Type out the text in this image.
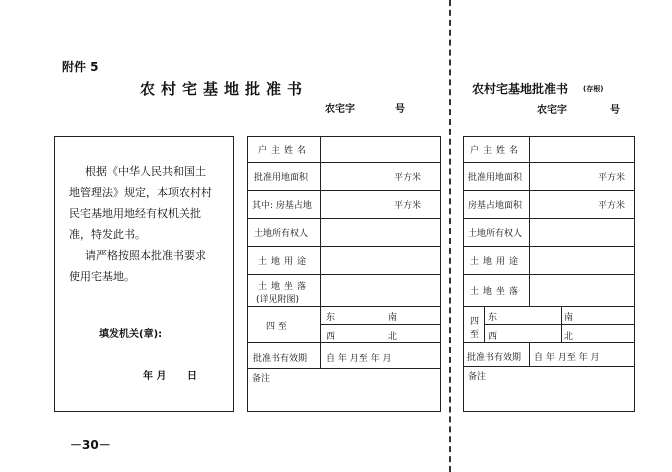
附件 5
农村宅基地批准书
农宅字	号
农村宅基地批准书 (存根)
农宅字	号
根据《中华人民共和国土
地管理法》规定，本项农村村
民宅基地用地经有权机关批
准，特发此书。
请严格按照本批准书要求
使用宅基地。
填发机关(章):
年 月 日
户主姓名
批准用地面积	平方米
其中: 房基占地	平方米
土地所有权人
土地用途
土地坐落
(详见附图)
四 至
东	南
西	北
批准书有效期 自 年 月至 年 月
备注
户主姓名
批准用地面积	平方米
房基占地面积	平方米
土地所有权人
土地用途
土地坐落
四
至
东	南
西	北
批准书有效期 自 年 月至 年 月
备注
－30－
